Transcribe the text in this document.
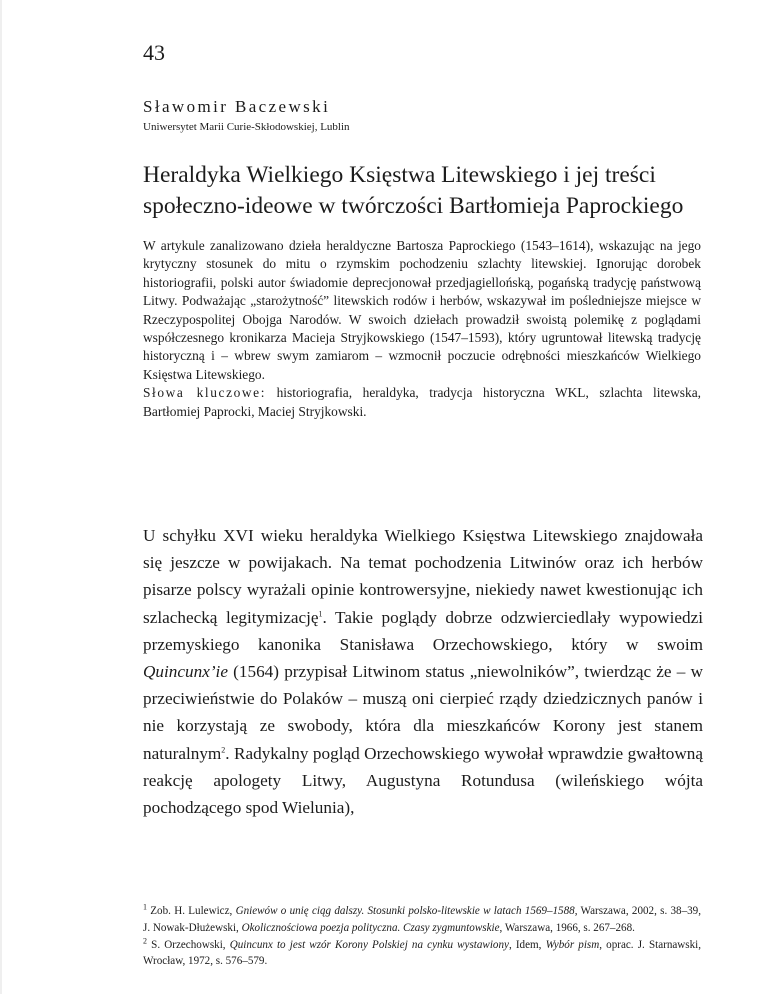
43
Sławomir Baczewski
Uniwersytet Marii Curie-Skłodowskiej, Lublin
Heraldyka Wielkiego Księstwa Litewskiego i jej treści społeczno-ideowe w twórczości Bartłomieja Paprockiego

W artykule zanalizowano dzieła heraldyczne Bartosza Paprockiego (1543–1614), wskazując na jego krytyczny stosunek do mitu o rzymskim pochodzeniu szlachty litewskiej. Ignorując dorobek historiografii, polski autor świadomie deprecjonował przedjagiellońską, pogańską tradycję państwową Litwy. Podważając „starożytność” litewskich rodów i herbów, wskazywał im pośledniejsze miejsce w Rzeczypospolitej Obojga Narodów. W swoich dziełach prowadził swoistą polemikę z poglądami współczesnego kronikarza Macieja Stryjkowskiego (1547–1593), który ugruntował litewską tradycję historyczną i – wbrew swym zamiarom – wzmocnił poczucie odrębności mieszkańców Wielkiego Księstwa Litewskiego.
Słowa kluczowe: historiografia, heraldyka, tradycja historyczna WKL, szlachta litewska, Bartłomiej Paprocki, Maciej Stryjkowski.

U schyłku XVI wieku heraldyka Wielkiego Księstwa Litewskiego znajdowała się jeszcze w powijakach. Na temat pochodzenia Litwinów oraz ich herbów pisarze polscy wyrażali opinie kontrowersyjne, niekiedy nawet kwestionując ich szlachecką legitymizację$^1$. Takie poglądy dobrze odzwierciedlały wypowiedzi przemyskiego kanonika Stanisława Orzechowskiego, który w swoim Quincunx’ie (1564) przypisał Litwinom status „niewolników”, twierdząc że – w przeciwieństwie do Polaków – muszą oni cierpieć rządy dziedzicznych panów i nie korzystają ze swobody, która dla mieszkańców Korony jest stanem naturalnym$^2$. Radykalny pogląd Orzechowskiego wywołał wprawdzie gwałtowną reakcję apologety Litwy, Augustyna Rotundusa (wileńskiego wójta pochodzącego spod Wielunia),

$^1$ Zob. H. Lulewicz, Gniewów o unię ciąg dalszy. Stosunki polsko-litewskie w latach 1569–1588, Warszawa, 2002, s. 38–39, J. Nowak-Dłużewski, Okolicznościowa poezja polityczna. Czasy zygmuntowskie, Warszawa, 1966, s. 267–268.

$^2$ S. Orzechowski, Quincunx to jest wzór Korony Polskiej na cynku wystawiony, Idem, Wybór pism, oprac. J. Starnawski, Wrocław, 1972, s. 576–579.
